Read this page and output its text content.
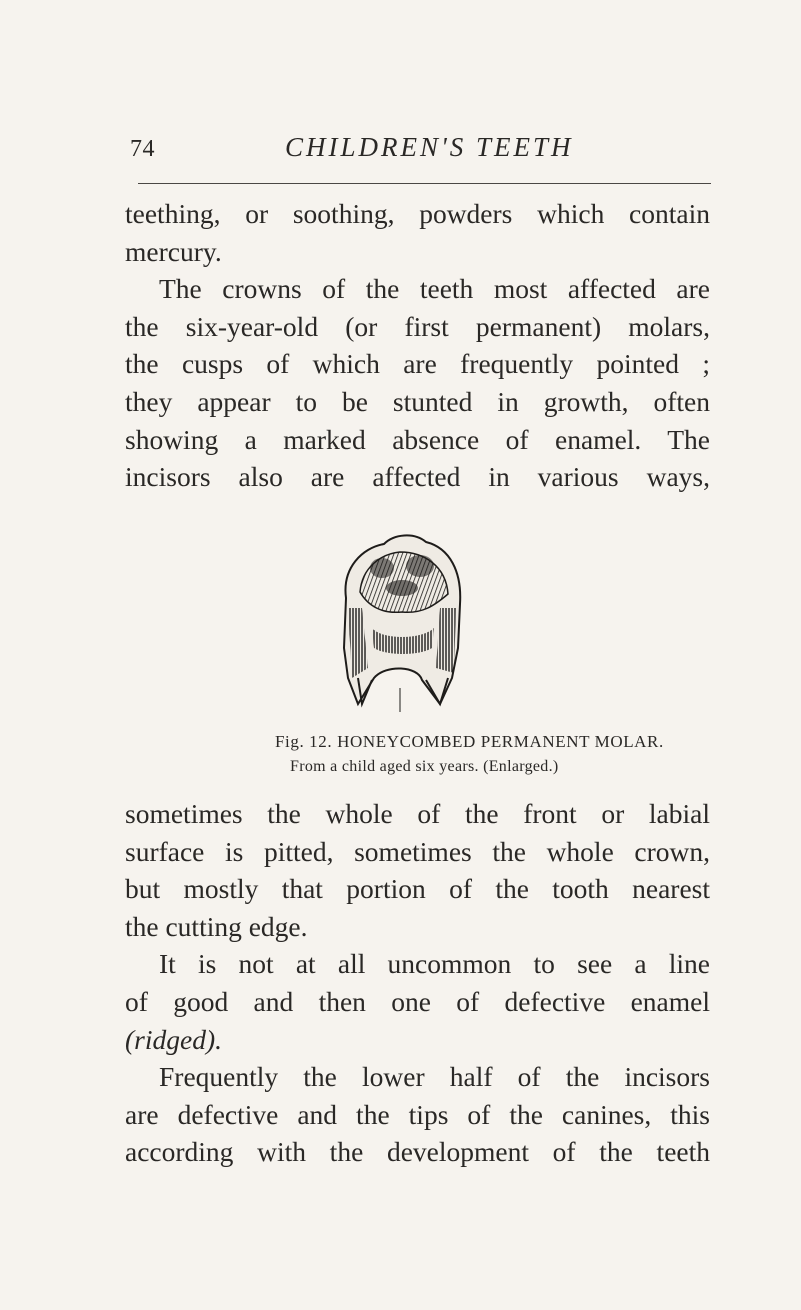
74	CHILDREN'S TEETH

teething, or soothing, powders which contain

mercury.

The crowns of the teeth most affected are

the six-year-old (or first permanent) molars,

the cusps of which are frequently pointed ;

they appear to be stunted in growth, often

showing a marked absence of enamel. The

incisors also are affected in various ways,

Fig. 12. HONEYCOMBED PERMANENT MOLAR.
From a child aged six years. (Enlarged.)

sometimes the whole of the front or labial

surface is pitted, sometimes the whole crown,

but mostly that portion of the tooth nearest

the cutting edge.

It is not at all uncommon to see a line

of good and then one of defective enamel

(ridged).

Frequently the lower half of the incisors

are defective and the tips of the canines, this

according with the development of the teeth
